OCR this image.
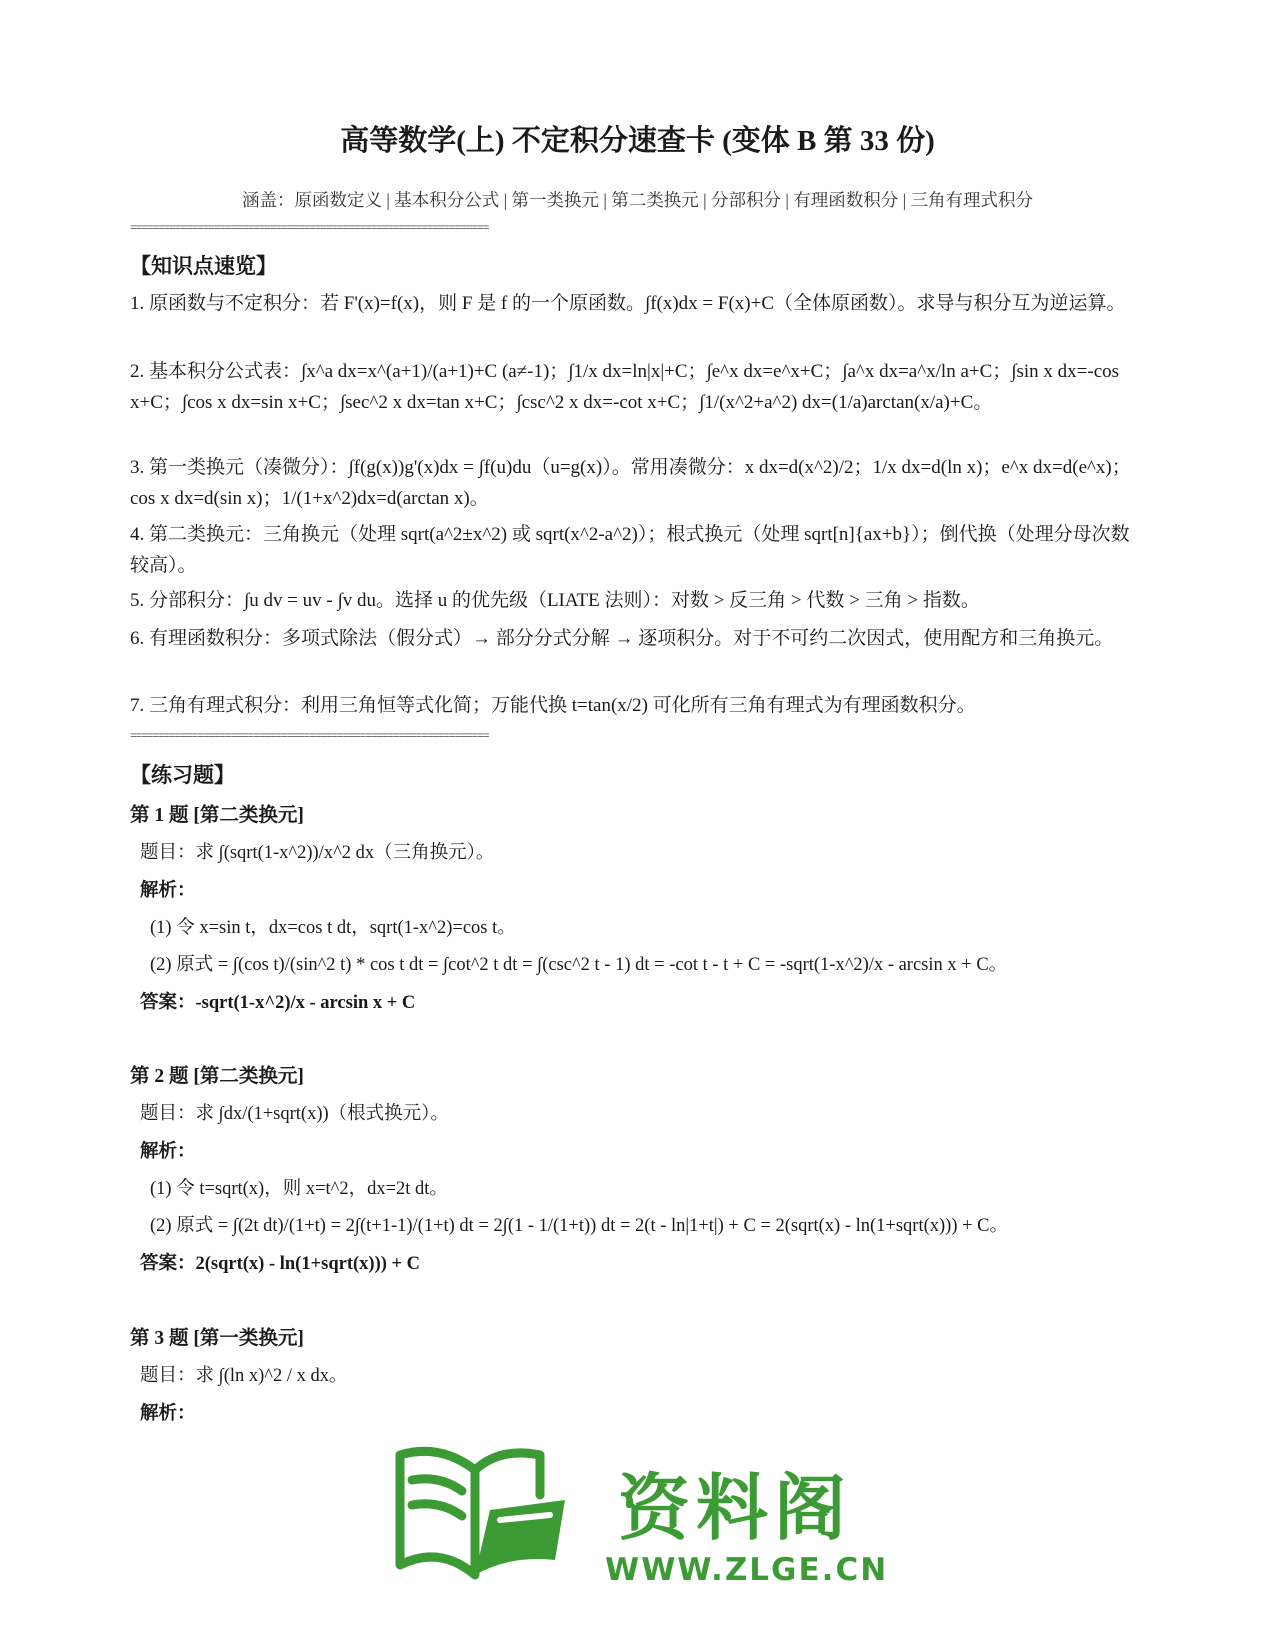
高等数学(上) 不定积分速查卡 (变体 B 第 33 份)
涵盖：原函数定义 | 基本积分公式 | 第一类换元 | 第二类换元 | 分部积分 | 有理函数积分 | 三角有理式积分
================================================================
【知识点速览】
1. 原函数与不定积分：若 F'(x)=f(x)，则 F 是 f 的一个原函数。∫f(x)dx = F(x)+C（全体原函数）。求导与积分互为逆运算。
2. 基本积分公式表：∫x^a dx=x^(a+1)/(a+1)+C (a≠-1)；∫1/x dx=ln|x|+C；∫e^x dx=e^x+C；∫a^x dx=a^x/ln a+C；∫sin x dx=-cos x+C；∫cos x dx=sin x+C；∫sec^2 x dx=tan x+C；∫csc^2 x dx=-cot x+C；∫1/(x^2+a^2) dx=(1/a)arctan(x/a)+C。
3. 第一类换元（凑微分）：∫f(g(x))g'(x)dx = ∫f(u)du（u=g(x)）。常用凑微分：x dx=d(x^2)/2；1/x dx=d(ln x)；e^x dx=d(e^x)；cos x dx=d(sin x)；1/(1+x^2)dx=d(arctan x)。
4. 第二类换元：三角换元（处理 sqrt(a^2±x^2) 或 sqrt(x^2-a^2)）；根式换元（处理 sqrt[n]{ax+b}）；倒代换（处理分母次数较高）。
5. 分部积分：∫u dv = uv - ∫v du。选择 u 的优先级（LIATE 法则）：对数 > 反三角 > 代数 > 三角 > 指数。
6. 有理函数积分：多项式除法（假分式）→ 部分分式分解 → 逐项积分。对于不可约二次因式，使用配方和三角换元。
7. 三角有理式积分：利用三角恒等式化简；万能代换 t=tan(x/2) 可化所有三角有理式为有理函数积分。
================================================================
【练习题】
第 1 题 [第二类换元]
题目：求 ∫(sqrt(1-x^2))/x^2 dx（三角换元）。
解析：
(1) 令 x=sin t，dx=cos t dt，sqrt(1-x^2)=cos t。
(2) 原式 = ∫(cos t)/(sin^2 t) * cos t dt = ∫cot^2 t dt = ∫(csc^2 t - 1) dt = -cot t - t + C = -sqrt(1-x^2)/x - arcsin x + C。
答案：-sqrt(1-x^2)/x - arcsin x + C
第 2 题 [第二类换元]
题目：求 ∫dx/(1+sqrt(x))（根式换元）。
解析：
(1) 令 t=sqrt(x)，则 x=t^2，dx=2t dt。
(2) 原式 = ∫(2t dt)/(1+t) = 2∫(t+1-1)/(1+t) dt = 2∫(1 - 1/(1+t)) dt = 2(t - ln|1+t|) + C = 2(sqrt(x) - ln(1+sqrt(x))) + C。
答案：2(sqrt(x) - ln(1+sqrt(x))) + C
第 3 题 [第一类换元]
题目：求 ∫(ln x)^2 / x dx。
解析：
资料阁
WWW.ZLGE.CN
